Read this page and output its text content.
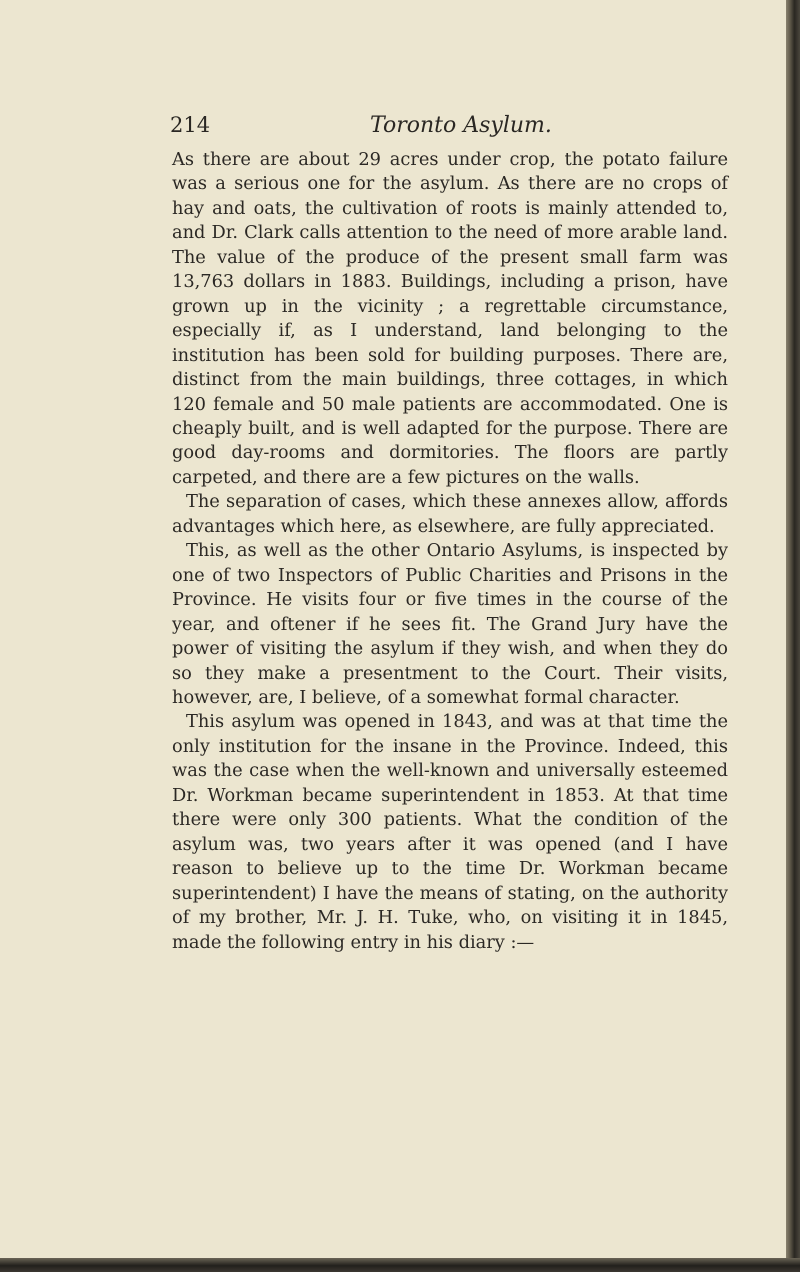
214	Toronto Asylum.

As there are about 29 acres under crop, the potato failure was a serious one for the asylum. As there are no crops of hay and oats, the cultivation of roots is mainly attended to, and Dr. Clark calls attention to the need of more arable land. The value of the produce of the present small farm was 13,763 dollars in 1883. Buildings, including a prison, have grown up in the vicinity ; a regrettable circumstance, especially if, as I understand, land belonging to the institution has been sold for building purposes. There are, distinct from the main buildings, three cottages, in which 120 female and 50 male patients are accommodated. One is cheaply built, and is well adapted for the purpose. There are good day-rooms and dormitories. The floors are partly carpeted, and there are a few pictures on the walls.

The separation of cases, which these annexes allow, affords advantages which here, as elsewhere, are fully appreciated.

This, as well as the other Ontario Asylums, is inspected by one of two Inspectors of Public Charities and Prisons in the Province. He visits four or five times in the course of the year, and oftener if he sees fit. The Grand Jury have the power of visiting the asylum if they wish, and when they do so they make a presentment to the Court. Their visits, however, are, I believe, of a somewhat formal character.

This asylum was opened in 1843, and was at that time the only institution for the insane in the Province. Indeed, this was the case when the well-known and universally esteemed Dr. Workman became superintendent in 1853. At that time there were only 300 patients. What the condition of the asylum was, two years after it was opened (and I have reason to believe up to the time Dr. Workman became superintendent) I have the means of stating, on the authority of my brother, Mr. J. H. Tuke, who, on visiting it in 1845, made the following entry in his diary :—
